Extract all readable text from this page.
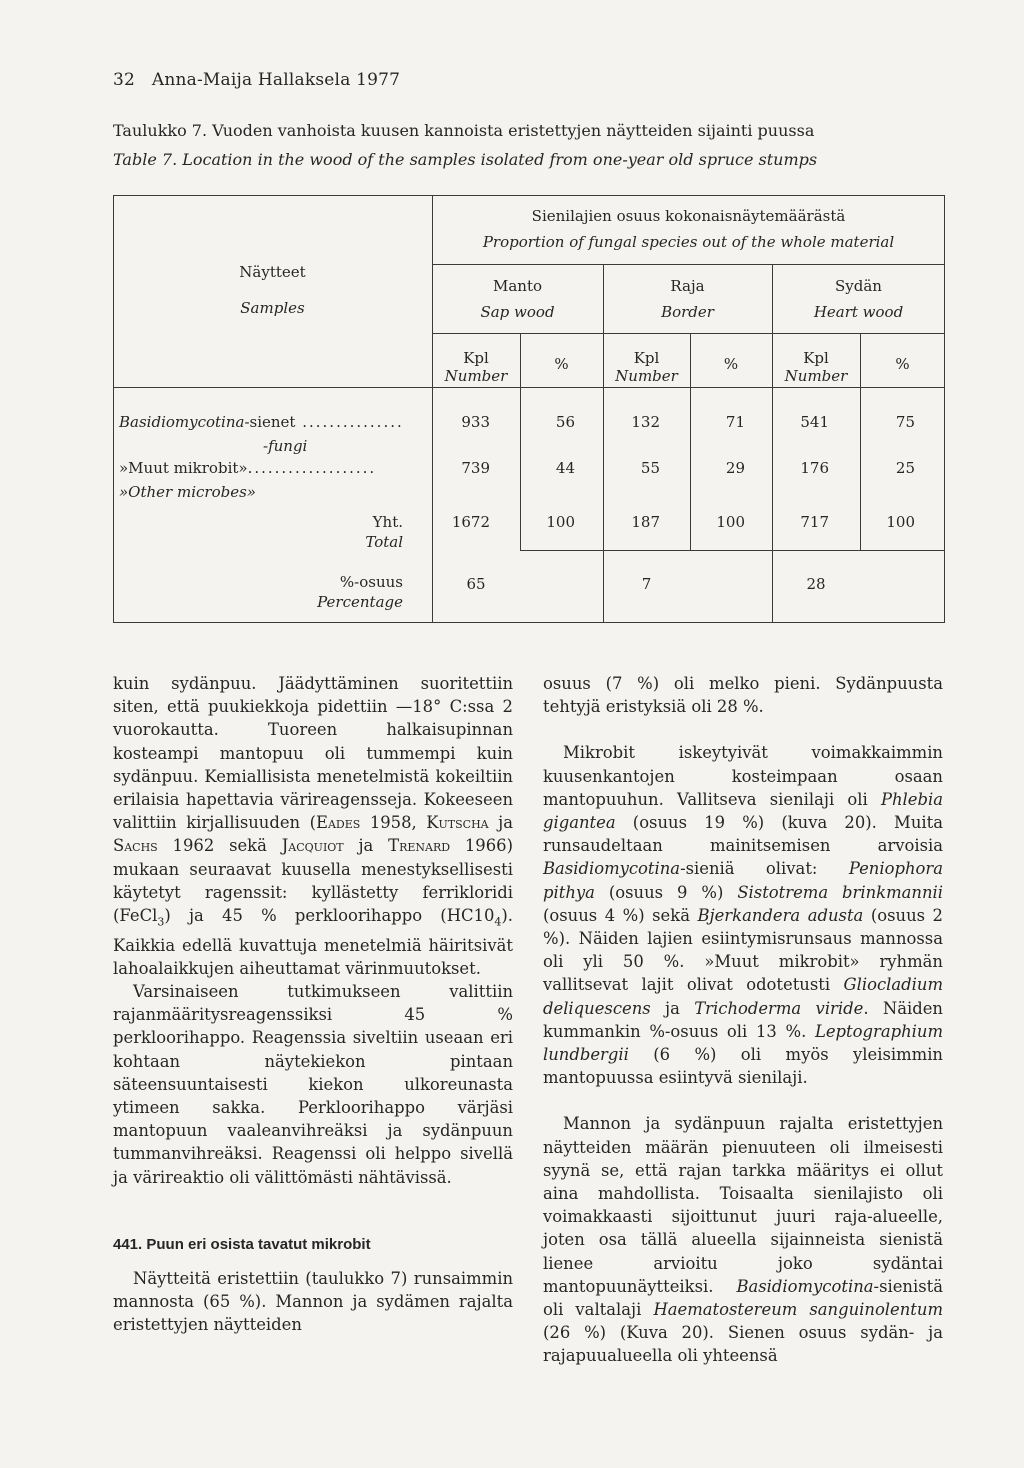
32 Anna-Maija Hallaksela 1977
Taulukko 7. Vuoden vanhoista kuusen kannoista eristettyjen näytteiden sijainti puussa
Table 7. Location in the wood of the samples isolated from one-year old spruce stumps
Näytteet
Samples
Sienilajien osuus kokonaisnäytemäärästä
Proportion of fungal species out of the whole material
Manto
Sap wood
Raja
Border
Sydän
Heart wood
Kpl
Number
%	Kpl
Number
%	Kpl
Number
%
Basidiomycotina-sienet ...............
-fungi
933	56	132	71	541	75
»Muut mikrobit»...................
»Other microbes»
739	44	55	29	176	25
Yht.
Total
1672	100	187	100	717	100
%-osuus
Percentage
65	7	28

kuin sydänpuu. Jäädyttäminen suoritettiin siten, että puukiekkoja pidettiin —18° C:ssa 2 vuorokautta. Tuoreen halkaisupinnan kosteampi mantopuu oli tummempi kuin sydänpuu. Kemiallisista menetelmistä kokeiltiin erilaisia hapettavia värireagensseja. Kokeeseen valittiin kirjallisuuden (Eades 1958, Kutscha ja Sachs 1962 sekä Jacquiot ja Trenard 1966) mukaan seuraavat kuusella menestyksellisesti käytetyt ragenssit: kyllästetty ferrikloridi (FeCl$_3$) ja 45 % perkloorihappo $(HC10_4)$. Kaikkia edellä kuvattuja menetelmiä häiritsivät lahoalaikkujen aiheuttamat värinmuutokset.

Varsinaiseen tutkimukseen valittiin rajanmääritysreagenssiksi 45 % perkloorihappo. Reagenssia siveltiin useaan eri kohtaan näytekiekon pintaan säteensuuntaisesti kiekon ulkoreunasta ytimeen sakka. Perkloorihappo värjäsi mantopuun vaaleanvihreäksi ja sydänpuun tummanvihreäksi. Reagenssi oli helppo sivellä ja värireaktio oli välittömästi nähtävissä.

441. Puun eri osista tavatut mikrobit

Näytteitä eristettiin (taulukko 7) runsaimmin mannosta (65 %). Mannon ja sydämen rajalta eristettyjen näytteiden

osuus (7 %) oli melko pieni. Sydänpuusta tehtyjä eristyksiä oli 28 %.

Mikrobit iskeytyivät voimakkaimmin kuusenkantojen kosteimpaan osaan mantopuuhun. Vallitseva sienilaji oli Phlebia gigantea (osuus 19 %) (kuva 20). Muita runsaudeltaan mainitsemisen arvoisia Basidiomycotina-sieniä olivat: Peniophora pithya (osuus 9 %) Sistotrema brinkmannii (osuus 4 %) sekä Bjerkandera adusta (osuus 2 %). Näiden lajien esiintymisrunsaus mannossa oli yli 50 %. »Muut mikrobit» ryhmän vallitsevat lajit olivat odotetusti Gliocladium deliquescens ja Trichoderma viride. Näiden kummankin %-osuus oli 13 %. Leptographium lundbergii (6 %) oli myös yleisimmin mantopuussa esiintyvä sienilaji.

Mannon ja sydänpuun rajalta eristettyjen näytteiden määrän pienuuteen oli ilmeisesti syynä se, että rajan tarkka määritys ei ollut aina mahdollista. Toisaalta sienilajisto oli voimakkaasti sijoittunut juuri raja-alueelle, joten osa tällä alueella sijainneista sienistä lienee arvioitu joko sydäntai mantopuunäytteiksi. Basidiomycotina-sienistä oli valtalaji Haematostereum sanguinolentum (26 %) (Kuva 20). Sienen osuus sydän- ja rajapuualueella oli yhteensä
